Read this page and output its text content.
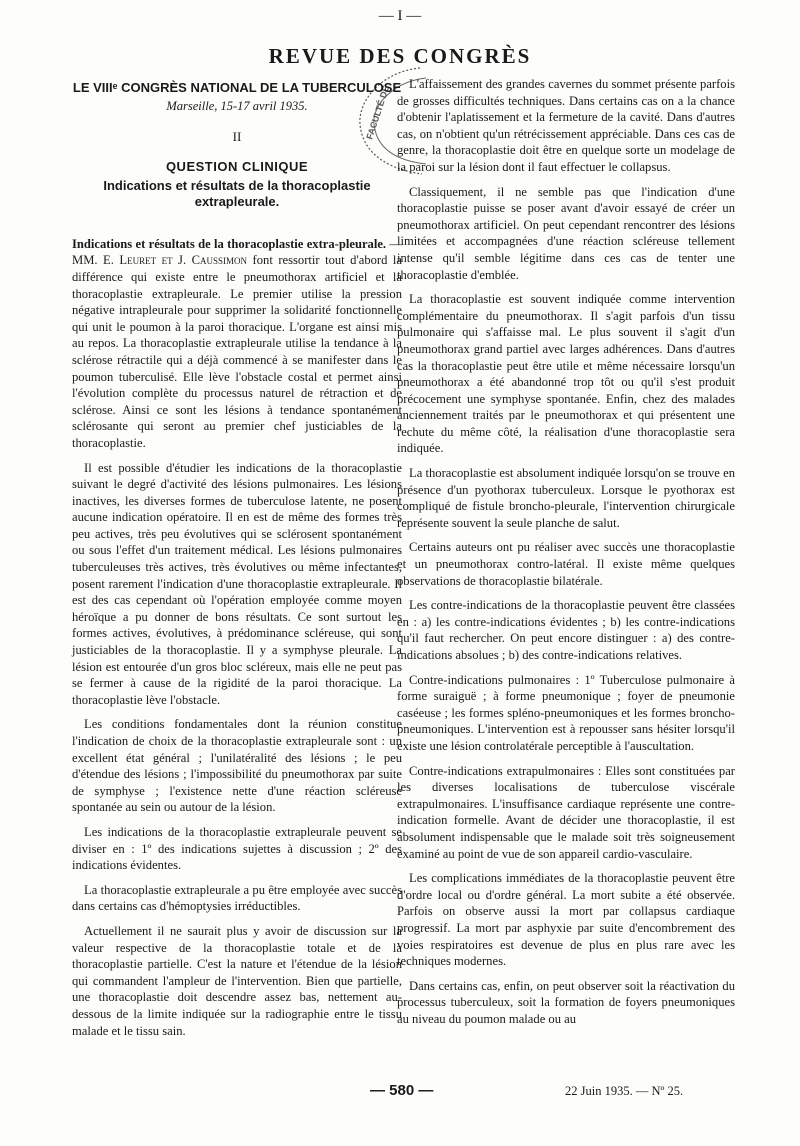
— I —
REVUE DES CONGRÈS
FACULTÉ DE
LE VIIIᵉ CONGRÈS NATIONAL DE LA TUBERCULOSE
Marseille, 15-17 avril 1935.
II
QUESTION CLINIQUE
Indications et résultats de la thoracoplastie extrapleurale.

Indications et résultats de la thoracoplastie extra-pleurale. — MM. E. Leuret et J. Caussimon font ressortir tout d'abord la différence qui existe entre le pneumothorax artificiel et la thoracoplastie extrapleurale. Le premier utilise la pression négative intrapleurale pour supprimer la solidarité fonctionnelle qui unit le poumon à la paroi thoracique. L'organe est ainsi mis au repos. La thoracoplastie extrapleurale utilise la tendance à la sclérose rétractile qui a déjà commencé à se manifester dans le poumon tuberculisé. Elle lève l'obstacle costal et permet ainsi l'évolution complète du processus naturel de rétraction et de sclérose. Ainsi ce sont les lésions à tendance spontanément sclérosante qui seront au premier chef justiciables de la thoracoplastie.

Il est possible d'étudier les indications de la thoracoplastie suivant le degré d'activité des lésions pulmonaires. Les lésions inactives, les diverses formes de tuberculose latente, ne posent aucune indication opératoire. Il en est de même des formes très peu actives, très peu évolutives qui se sclérosent spontanément ou sous l'effet d'un traitement médical. Les lésions pulmonaires tuberculeuses très actives, très évolutives ou même infectantes, posent rarement l'indication d'une thoracoplastie extrapleurale. Il est des cas cependant où l'opération employée comme moyen héroïque a pu donner de bons résultats. Ce sont surtout les formes actives, évolutives, à prédominance scléreuse, qui sont justiciables de la thoracoplastie. Il y a symphyse pleurale. La lésion est entourée d'un gros bloc scléreux, mais elle ne peut pas se fermer à cause de la rigidité de la paroi thoracique. La thoracoplastie lève l'obstacle.

Les conditions fondamentales dont la réunion constitue l'indication de choix de la thoracoplastie extrapleurale sont : un excellent état général ; l'unilatéralité des lésions ; le peu d'étendue des lésions ; l'impossibilité du pneumothorax par suite de symphyse ; l'existence nette d'une réaction scléreuse spontanée au sein ou autour de la lésion.

Les indications de la thoracoplastie extrapleurale peuvent se diviser en : 1º des indications sujettes à discussion ; 2º des indications évidentes.

La thoracoplastie extrapleurale a pu être employée avec succès dans certains cas d'hémoptysies irréductibles.

Actuellement il ne saurait plus y avoir de discussion sur la valeur respective de la thoracoplastie totale et de la thoracoplastie partielle. C'est la nature et l'étendue de la lésion qui commandent l'ampleur de l'intervention. Bien que partielle, une thoracoplastie doit descendre assez bas, nettement au-dessous de la limite indiquée sur la radiographie entre le tissu malade et le tissu sain.

L'affaissement des grandes cavernes du sommet présente parfois de grosses difficultés techniques. Dans certains cas on a la chance d'obtenir l'aplatissement et la fermeture de la cavité. Dans d'autres cas, on n'obtient qu'un rétrécissement appréciable. Dans ces cas de genre, la thoracoplastie doit être en quelque sorte un modelage de la paroi sur la lésion dont il faut effectuer le collapsus.

Classiquement, il ne semble pas que l'indication d'une thoracoplastie puisse se poser avant d'avoir essayé de créer un pneumothorax artificiel. On peut cependant rencontrer des lésions limitées et accompagnées d'une réaction scléreuse tellement intense qu'il semble légitime dans ces cas de tenter une thoracoplastie d'emblée.

La thoracoplastie est souvent indiquée comme intervention complémentaire du pneumothorax. Il s'agit parfois d'un tissu pulmonaire qui s'affaisse mal. Le plus souvent il s'agit d'un pneumothorax grand partiel avec larges adhérences. Dans d'autres cas la thoracoplastie peut être utile et même nécessaire lorsqu'un pneumothorax a été abandonné trop tôt ou qu'il s'est produit précocement une symphyse spontanée. Enfin, chez des malades anciennement traités par le pneumothorax et qui présentent une rechute du même côté, la réalisation d'une thoracoplastie sera indiquée.

La thoracoplastie est absolument indiquée lorsqu'on se trouve en présence d'un pyothorax tuberculeux. Lorsque le pyothorax est compliqué de fistule broncho-pleurale, l'intervention chirurgicale représente souvent la seule planche de salut.

Certains auteurs ont pu réaliser avec succès une thoracoplastie et un pneumothorax contro-latéral. Il existe même quelques observations de thoracoplastie bilatérale.

Les contre-indications de la thoracoplastie peuvent être classées en : a) les contre-indications évidentes ; b) les contre-indications qu'il faut rechercher. On peut encore distinguer : a) des contre-indications absolues ; b) des contre-indications relatives.

Contre-indications pulmonaires : 1º Tuberculose pulmonaire à forme suraiguë ; à forme pneumonique ; foyer de pneumonie caséeuse ; les formes spléno-pneumoniques et les formes broncho-pneumoniques. L'intervention est à repousser sans hésiter lorsqu'il existe une lésion controlatérale perceptible à l'auscultation.

Contre-indications extrapulmonaires : Elles sont constituées par les diverses localisations de tuberculose viscérale extrapulmonaires. L'insuffisance cardiaque représente une contre-indication formelle. Avant de décider une thoracoplastie, il est absolument indispensable que le malade soit très soigneusement examiné au point de vue de son appareil cardio-vasculaire.

Les complications immédiates de la thoracoplastie peuvent être d'ordre local ou d'ordre général. La mort subite a été observée. Parfois on observe aussi la mort par collapsus cardiaque progressif. La mort par asphyxie par suite d'encombrement des voies respiratoires est devenue de plus en plus rare avec les techniques modernes.

Dans certains cas, enfin, on peut observer soit la réactivation du processus tuberculeux, soit la formation de foyers pneumoniques au niveau du poumon malade ou au

— 580 —	22 Juin 1935. — Nº 25.
